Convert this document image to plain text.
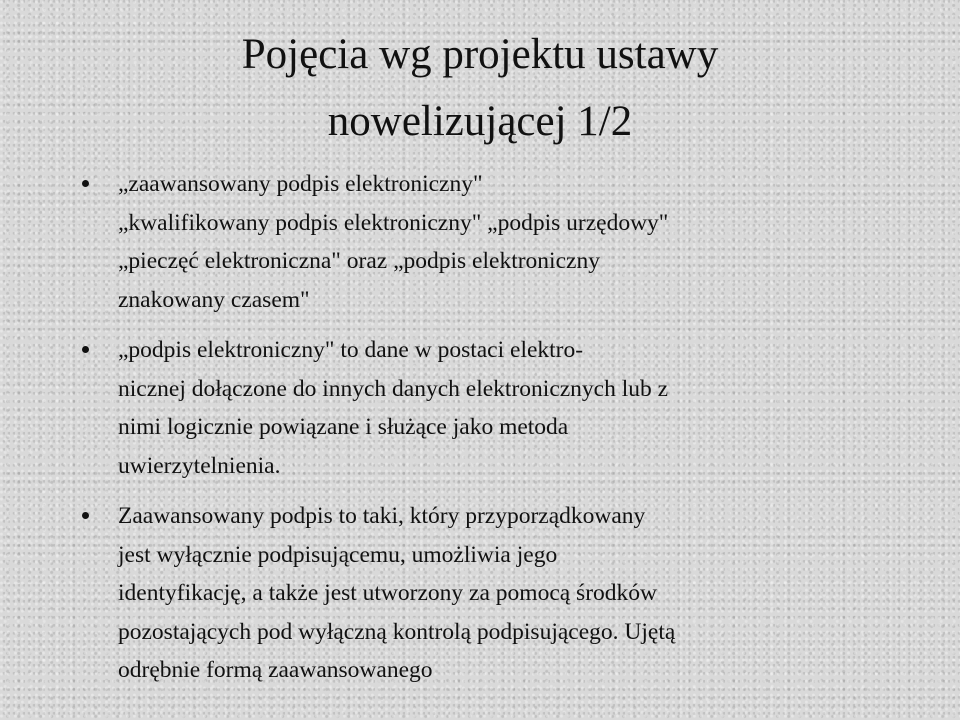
Pojęcia wg projektu ustawy
nowelizującej 1/2
„zaawansowany podpis elektroniczny"
„kwalifikowany podpis elektroniczny" „podpis urzędowy"
„pieczęć elektroniczna" oraz „podpis elektroniczny
znakowany czasem"
„podpis elektroniczny" to dane w postaci elektro-
nicznej dołączone do innych danych elektronicznych lub z
nimi logicznie powiązane i służące jako metoda
uwierzytelnienia.
Zaawansowany podpis to taki, który przyporządkowany
jest wyłącznie podpisującemu, umożliwia jego
identyfikację, a także jest utworzony za pomocą środków
pozostających pod wyłączną kontrolą podpisującego. Ujętą
odrębnie formą zaawansowanego
